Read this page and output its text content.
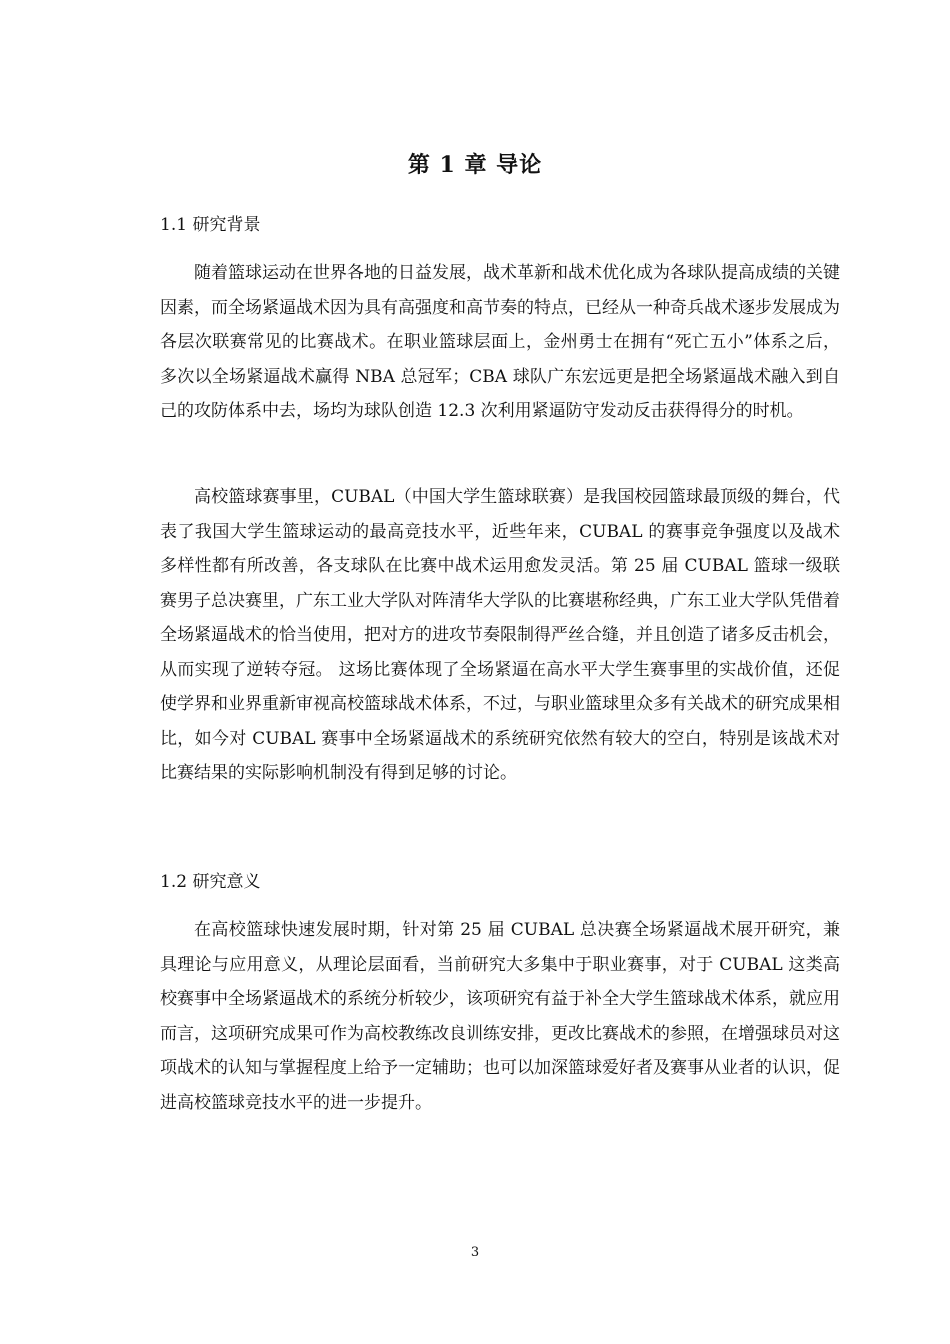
第 1 章 导论
1.1 研究背景

随着篮球运动在世界各地的日益发展，战术革新和战术优化成为各球队提高成绩的关键因素，而全场紧逼战术因为具有高强度和高节奏的特点，已经从一种奇兵战术逐步发展成为各层次联赛常见的比赛战术。在职业篮球层面上，金州勇士在拥有“死亡五小”体系之后，多次以全场紧逼战术赢得 NBA 总冠军；CBA 球队广东宏远更是把全场紧逼战术融入到自己的攻防体系中去，场均为球队创造 12.3 次利用紧逼防守发动反击获得得分的时机。

高校篮球赛事里，CUBAL（中国大学生篮球联赛）是我国校园篮球最顶级的舞台，代表了我国大学生篮球运动的最高竞技水平，近些年来，CUBAL 的赛事竞争强度以及战术多样性都有所改善，各支球队在比赛中战术运用愈发灵活。第 25 届 CUBAL 篮球一级联赛男子总决赛里，广东工业大学队对阵清华大学队的比赛堪称经典，广东工业大学队凭借着全场紧逼战术的恰当使用，把对方的进攻节奏限制得严丝合缝，并且创造了诸多反击机会，从而实现了逆转夺冠。 这场比赛体现了全场紧逼在高水平大学生赛事里的实战价值，还促使学界和业界重新审视高校篮球战术体系，不过，与职业篮球里众多有关战术的研究成果相比，如今对 CUBAL 赛事中全场紧逼战术的系统研究依然有较大的空白，特别是该战术对比赛结果的实际影响机制没有得到足够的讨论。

1.2 研究意义

在高校篮球快速发展时期，针对第 25 届 CUBAL 总决赛全场紧逼战术展开研究，兼具理论与应用意义，从理论层面看，当前研究大多集中于职业赛事，对于 CUBAL 这类高校赛事中全场紧逼战术的系统分析较少，该项研究有益于补全大学生篮球战术体系，就应用而言，这项研究成果可作为高校教练改良训练安排，更改比赛战术的参照，在增强球员对这项战术的认知与掌握程度上给予一定辅助；也可以加深篮球爱好者及赛事从业者的认识，促进高校篮球竞技水平的进一步提升。

3
